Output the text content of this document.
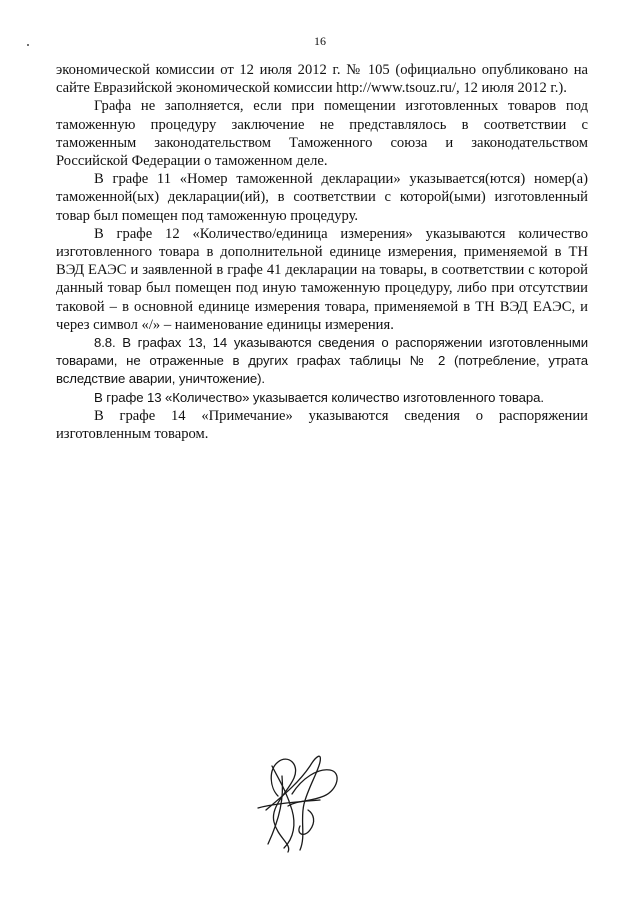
16

экономической комиссии от 12 июля 2012 г. № 105 (официально опубликовано на сайте Евразийской экономической комиссии http://www.tsouz.ru/, 12 июля 2012 г.).

Графа не заполняется, если при помещении изготовленных товаров под таможенную процедуру заключение не представлялось в соответствии с таможенным законодательством Таможенного союза и законодательством Российской Федерации о таможенном деле.

В графе 11 «Номер таможенной декларации» указывается(ются) номер(а) таможенной(ых) декларации(ий), в соответствии с которой(ыми) изготовленный товар был помещен под таможенную процедуру.

В графе 12 «Количество/единица измерения» указываются количество изготовленного товара в дополнительной единице измерения, применяемой в ТН ВЭД ЕАЭС и заявленной в графе 41 декларации на товары, в соответствии с которой данный товар был помещен под иную таможенную процедуру, либо при отсутствии таковой – в основной единице измерения товара, применяемой в ТН ВЭД ЕАЭС, и через символ «/» – наименование единицы измерения.

8.8. В графах 13, 14 указываются сведения о распоряжении изготовленными товарами, не отраженные в других графах таблицы № 2 (потребление, утрата вследствие аварии, уничтожение).

В графе 13 «Количество» указывается количество изготовленного товара.

В графе 14 «Примечание» указываются сведения о распоряжении изготовленным товаром.
